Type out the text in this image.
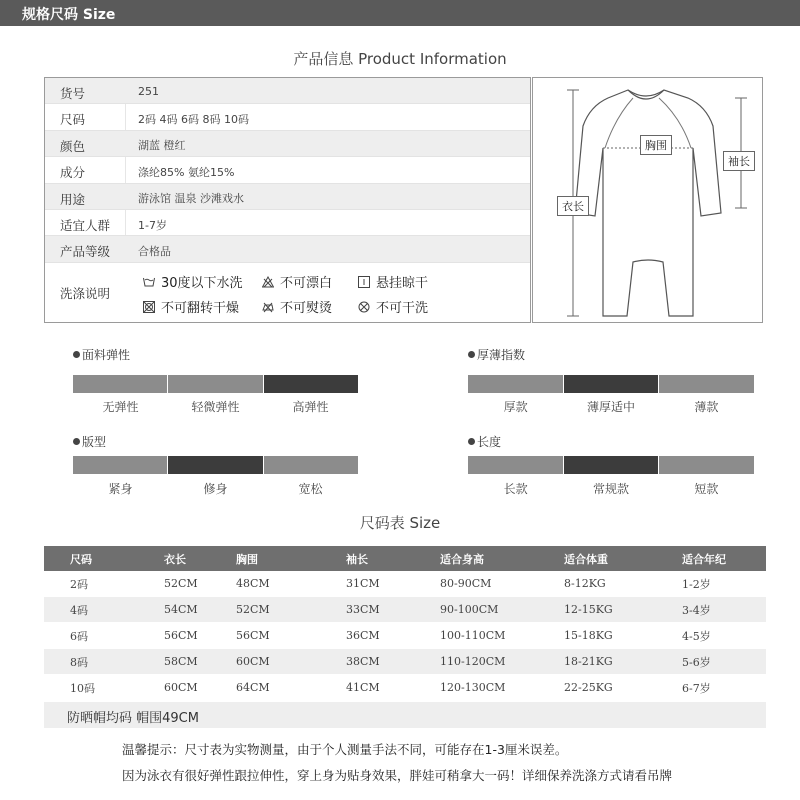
规格尺码 Size
产品信息 Product Information
货号	251
尺码	2码 4码 6码 8码 10码
颜色	湖蓝 橙红
成分	涤纶85% 氨纶15%
用途	游泳馆 温泉 沙滩戏水
适宜人群	1-7岁
产品等级	合格品
洗涤说明
30度以下水洗	不可漂白	悬挂晾干
不可翻转干燥	不可熨烫	不可干洗
胸围
袖长
衣长
面料弹性
无弹性	轻微弹性	高弹性
厚薄指数
厚款	薄厚适中	薄款
版型
紧身	修身	宽松
长度
长款	常规款	短款
尺码表 Size
尺码	衣长	胸围	袖长	适合身高	适合体重	适合年纪
2码	52CM	48CM	31CM	80-90CM	8-12KG	1-2岁
4码	54CM	52CM	33CM	90-100CM	12-15KG	3-4岁
6码	56CM	56CM	36CM	100-110CM	15-18KG	4-5岁
8码	58CM	60CM	38CM	110-120CM	18-21KG	5-6岁
10码	60CM	64CM	41CM	120-130CM	22-25KG	6-7岁
防晒帽均码 帽围49CM
温馨提示：尺寸表为实物测量，由于个人测量手法不同，可能存在1-3厘米误差。
因为泳衣有很好弹性跟拉伸性，穿上身为贴身效果，胖娃可稍拿大一码！详细保养洗涤方式请看吊牌
